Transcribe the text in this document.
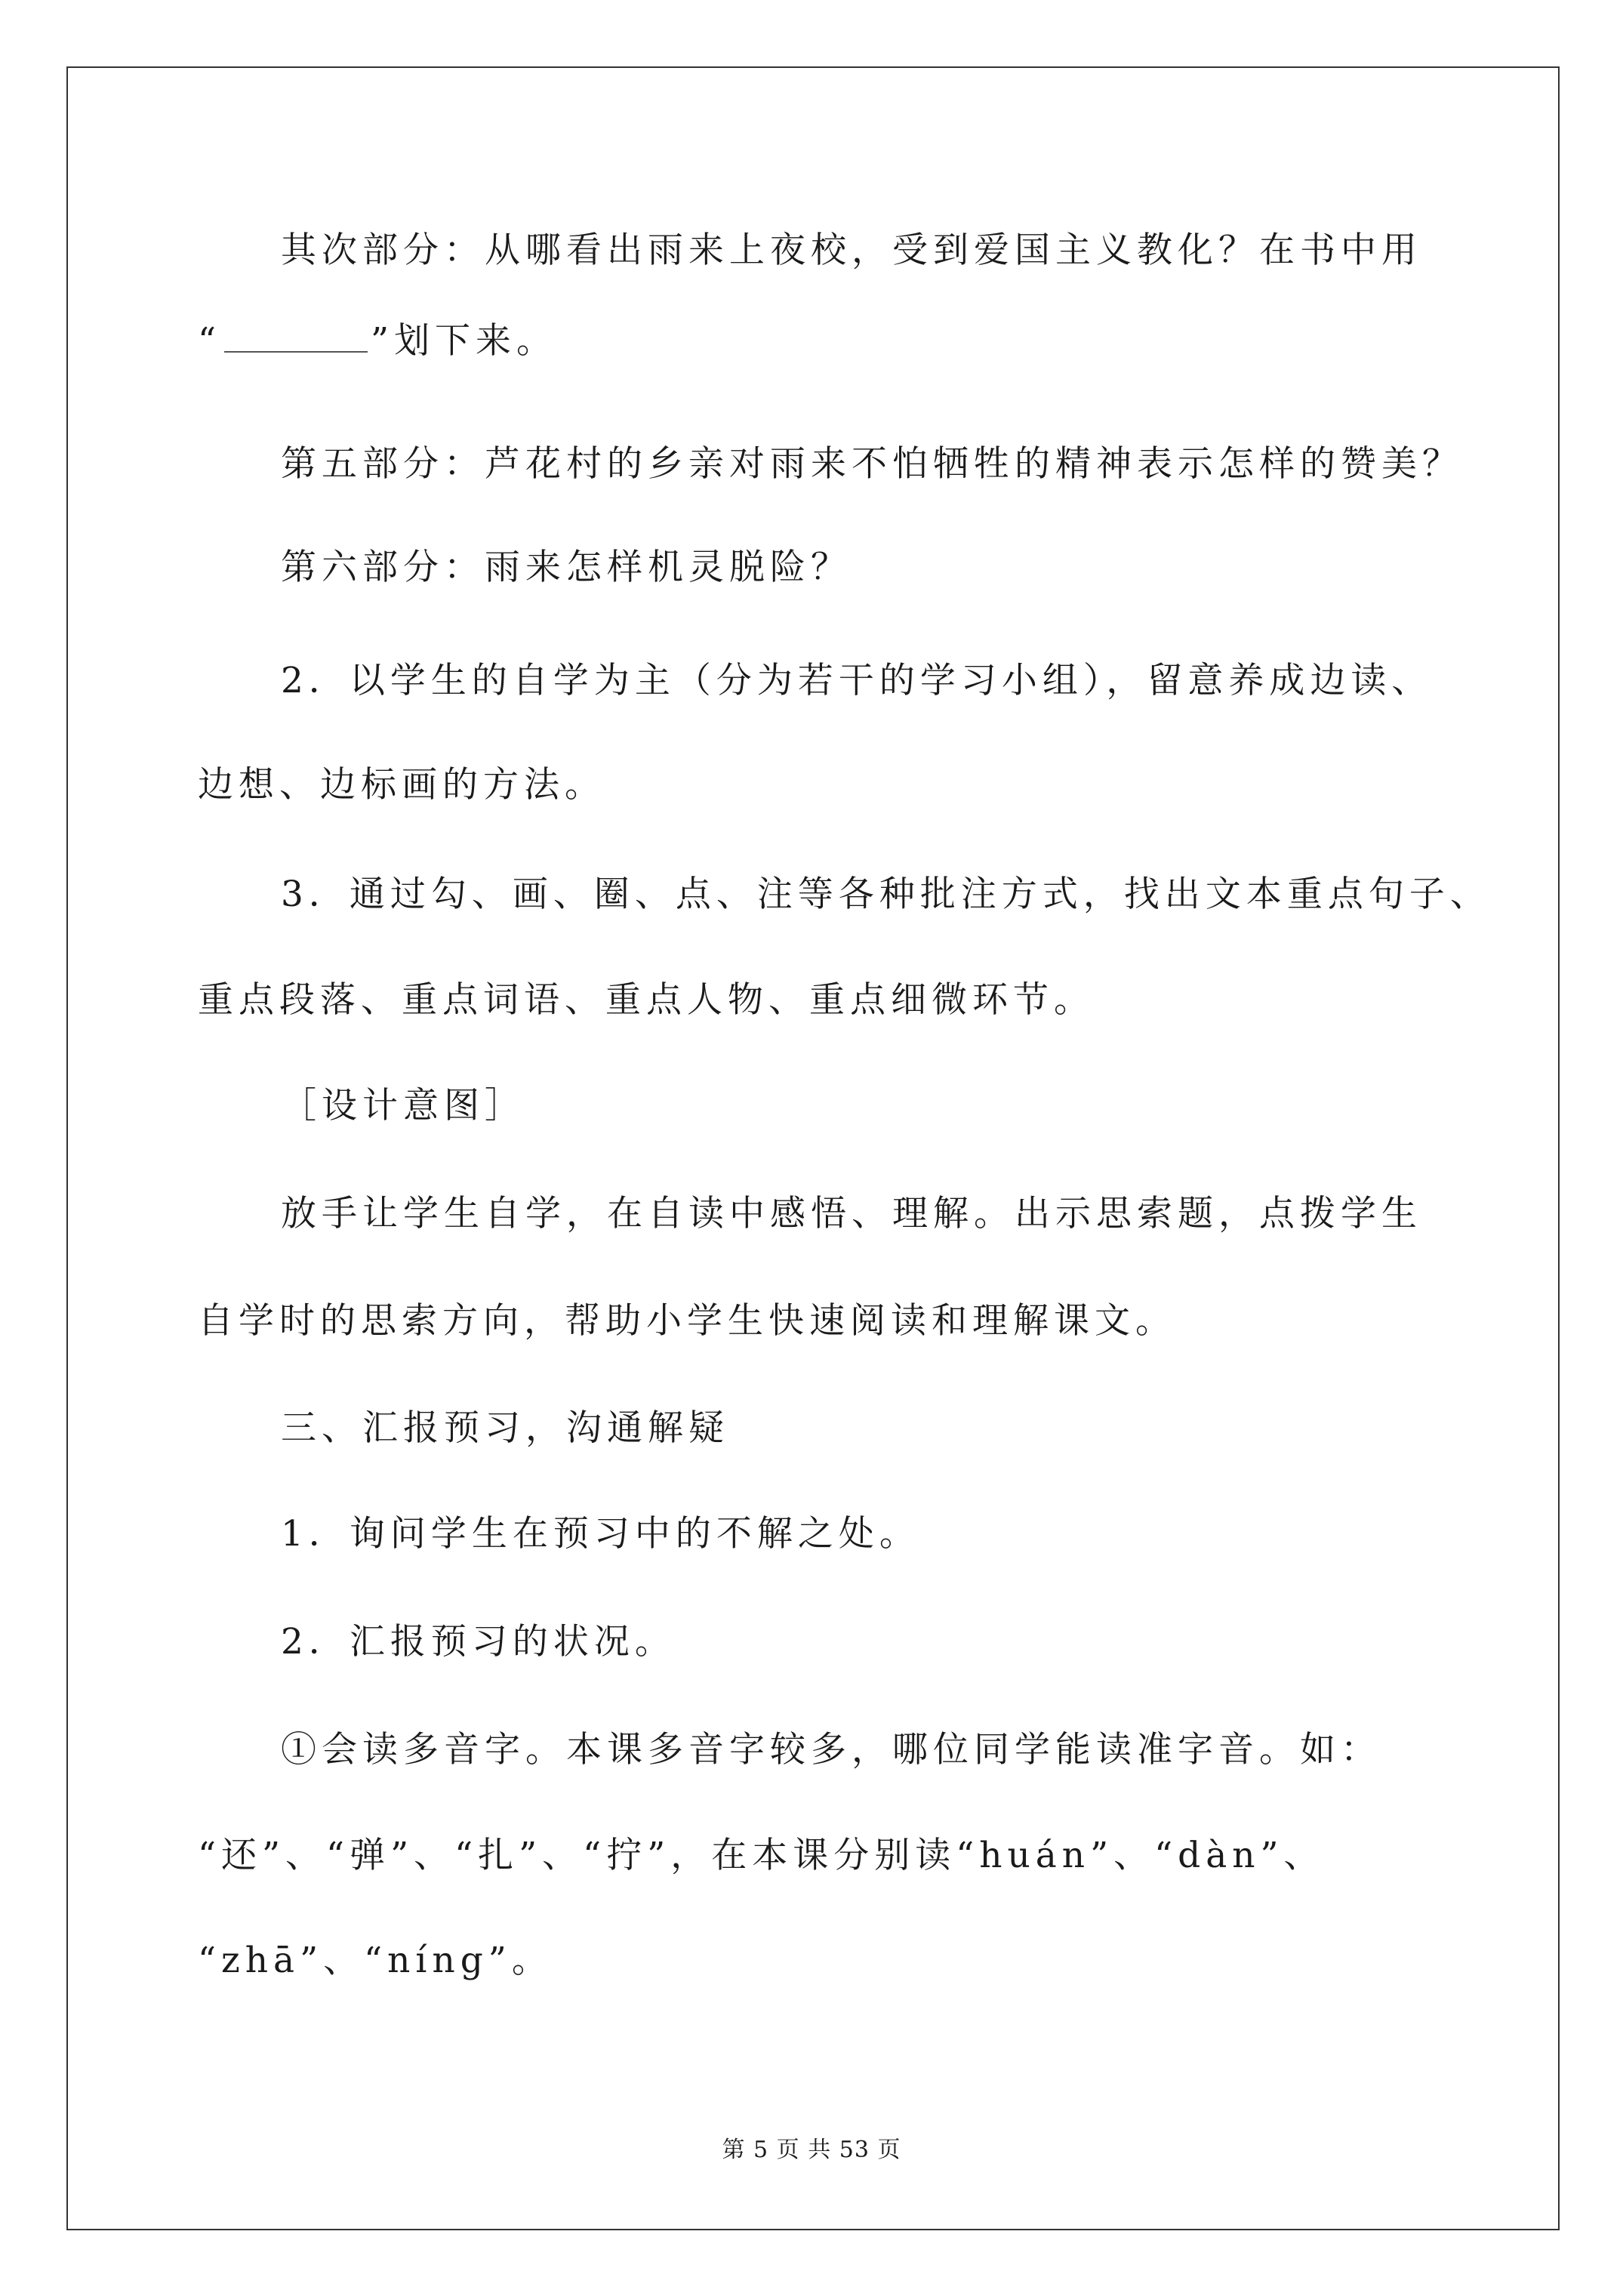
其次部分：从哪看出雨来上夜校，受到爱国主义教化？在书中用
“	”划下来。
第五部分：芦花村的乡亲对雨来不怕牺牲的精神表示怎样的赞美？
第六部分：雨来怎样机灵脱险？
2．以学生的自学为主（分为若干的学习小组），留意养成边读、
边想、边标画的方法。
3．通过勾、画、圈、点、注等各种批注方式，找出文本重点句子、
重点段落、重点词语、重点人物、重点细微环节。
［设计意图］
放手让学生自学，在自读中感悟、理解。出示思索题，点拨学生
自学时的思索方向，帮助小学生快速阅读和理解课文。
三、汇报预习，沟通解疑
1．询问学生在预习中的不解之处。
2．汇报预习的状况。
①会读多音字。本课多音字较多，哪位同学能读准字音。如：
“还”、“弹”、“扎”、“拧”，在本课分别读“huán”、“dàn”、
“zhā”、“níng”。
第 5 页 共 53 页
